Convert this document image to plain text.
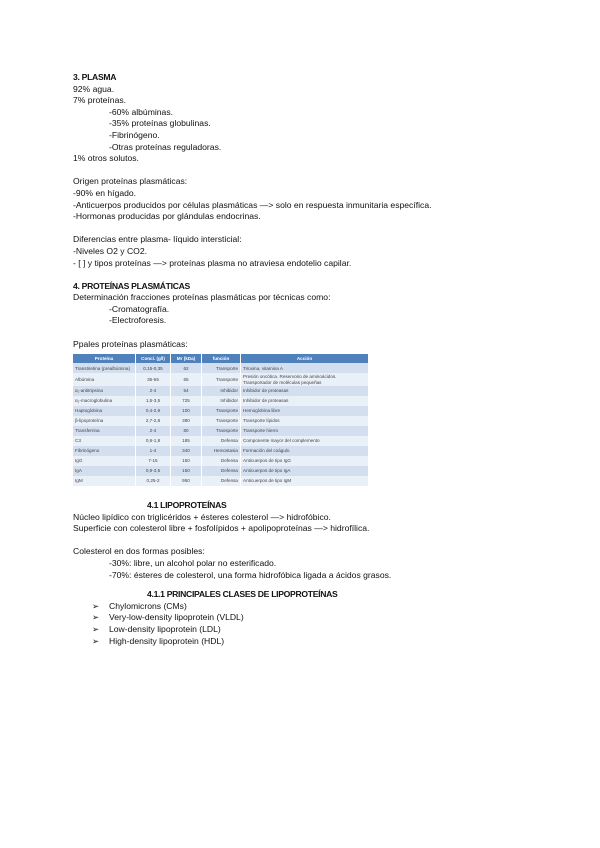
3. PLASMA
92% agua.
7% proteínas.
-60% albúminas.
-35% proteínas globulinas.
-Fibrinógeno.
-Otras proteínas reguladoras.
1% otros solutos.
Origen proteínas plasmáticas:
-90% en hígado.
-Anticuerpos producidos por células plasmáticas —> solo en respuesta inmunitaria específica.
-Hormonas producidas por glándulas endocrinas.
Diferencias entre plasma- líquido intersticial:
-Niveles O2 y CO2.
- [ ] y tipos proteínas —> proteínas plasma no atraviesa endotelio capilar.
4. PROTEÍNAS PLASMÁTICAS
Determinación fracciones proteínas plasmáticas por técnicas como:
-Cromatografía.
-Electroforesis.
Ppales proteínas plasmáticas:
Proteína	Concl. (g/l)	Mr (kDa)	función	Acción
Transtiretina (prealbúmina)	0,15-0,35	62	Transporte	Tiroxina, vitamina A
Albúmina	35-55	65	Transporte	Presión oncótica. Reservorio de aminoácidos. Transportador de moléculas pequeñas
α₁-antitripsina	2-4	54	Inhibidor	Inhibidor de proteasas
α₂-macroglobulina	1,5-3,5	725	Inhibidor	Inhibidor de proteasas
Haptoglobina	0,4-2,9	100	Transporte	Hemoglobina libre
β-lipoproteína	2,7-2,8	380	Transporte	Transporte lípidos
Transferrina	2-4	80	Transporte	Transporte hierro
C3	0,6-1,8	185	Defensa	Componente mayor del complemento
Fibrinógeno	1-4	340	Hemostasia	Formación del coágulo
IgG	7-15	150	Defensa	Anticuerpos de tipo IgG
IgA	0,9-3,5	150	Defensa	Anticuerpos de tipo IgA
IgM	0,25-2	950	Defensa	Anticuerpos de tipo IgM
4.1 LIPOPROTEÍNAS
Núcleo lipídico con triglicéridos + ésteres colesterol —> hidrofóbico.
Superficie con colesterol libre + fosfolípidos + apolipoproteínas —> hidrofílica.
Colesterol en dos formas posibles:
-30%: libre, un alcohol polar no esterificado.
-70%: ésteres de colesterol, una forma hidrofóbica ligada a ácidos grasos.
4.1.1 PRINCIPALES CLASES DE LIPOPROTEÍNAS
➢	Chylomicrons (CMs)
➢	Very-low-density lipoprotein (VLDL)
➢	Low-density lipoprotein (LDL)
➢	High-density lipoprotein (HDL)
